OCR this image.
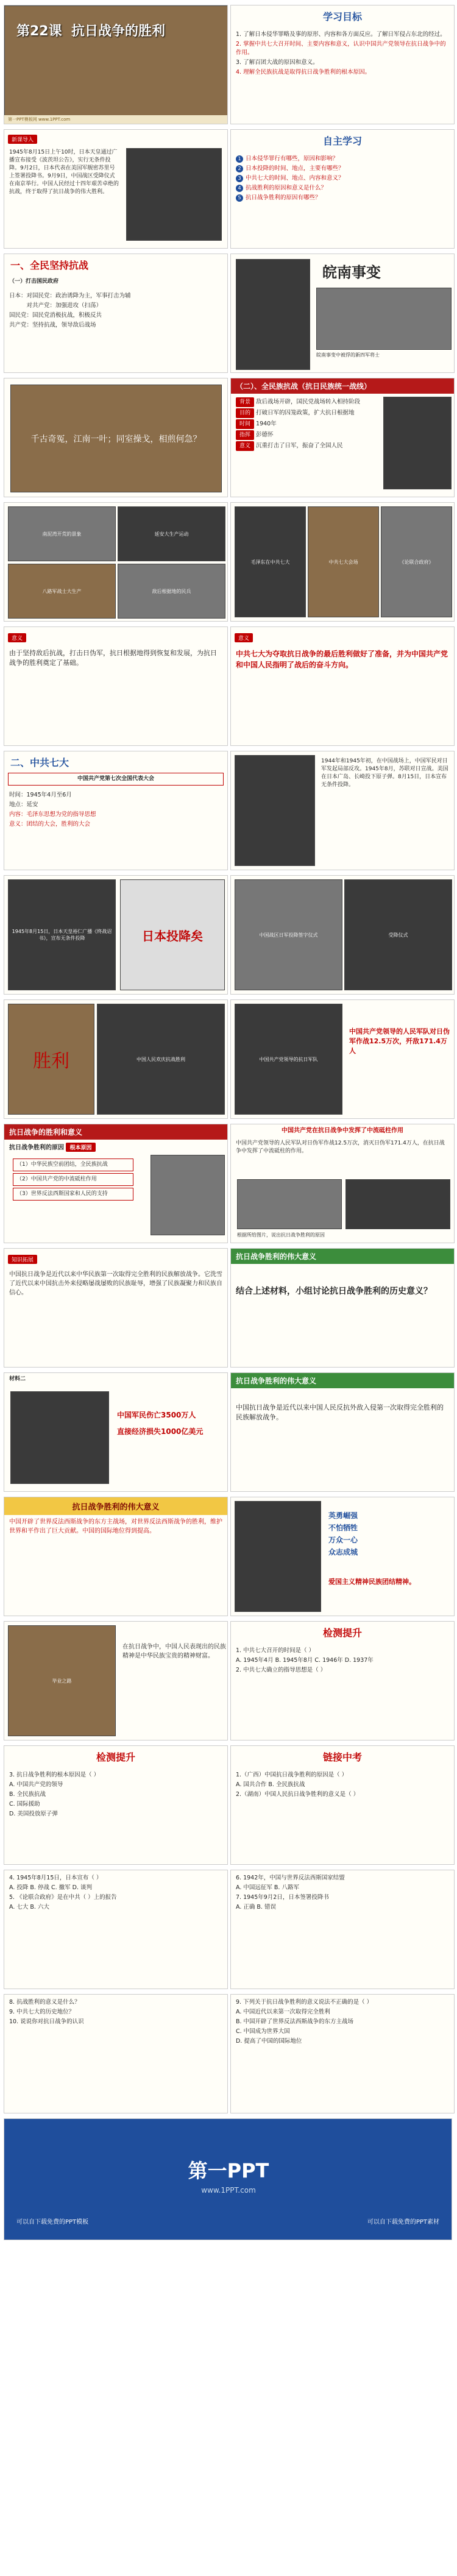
第22课 抗日战争的胜利
第一PPT模板网 www.1PPT.com
学习目标
1. 了解日本侵华罪略及事的原形、内容和各方面反应。了解日军侵占东北的经过。
2. 掌握中共七大召开时间、主要内容和意义，认识中国共产党领导在抗日战争中的作用。
3. 了解百团大战的原因和意义。
4. 理解全民族抗战是取得抗日战争胜利的根本原因。
新课导入
1945年8月15日上午10时，日本天皇通过广播宣布接受《波茨坦公告》，实行无条件投降。9月2日，日本代表在美国军舰密苏里号上签署投降书。9月9日，中国战区受降仪式在南京举行。中国人民经过十四年艰苦卓绝的抗战，终于取得了抗日战争的伟大胜利。
自主学习
1 日本侵华罪行有哪些，原因和影响？
2 日本投降的时间、地点，主要有哪些？
3 中共七大的时间、地点、内容和意义？
4 抗战胜利的原因和意义是什么？
5 抗日战争胜利的原因有哪些？
一、全民坚持抗战
（一）打击国民政府
日本：对国民党：政治诱降为主，军事打击为辅
　　　对共产党：加强进攻（扫荡）
国民党：国民党消极抗战，积极反共
共产党：坚持抗战，领导敌后战场
皖南事变
皖南事变中被俘的新四军将士
千古奇冤，江南一叶；同室操戈，相煎何急？
（二）、全民族抗战（抗日民族统一战线）
背景 敌后战场开辟，国民党战场转入相持阶段
目的 打破日军的囚笼政策，扩大抗日根据地
时间 1940年
指挥 彭德怀
意义 沉重打击了日军，振奋了全国人民
南泥湾开荒的景象	延安大生产运动
八路军战士大生产	敌后根据地的民兵
毛泽东在中共七大	中共七大会场	《论联合政府》
意义
由于坚持敌后抗战，打击日伪军，抗日根据地得到恢复和发展，为抗日战争的胜利奠定了基础。
意义
中共七大为夺取抗日战争的最后胜利做好了准备，并为中国共产党和中国人民指明了战后的奋斗方向。
二、中共七大
中国共产党第七次全国代表大会
时间：1945年4月至6月
地点：延安
内容：毛泽东思想为党的指导思想
意义：团结的大会，胜利的大会
1944年和1945年初，在中国战场上，中国军民对日军发起局部反攻。1945年8月，苏联对日宣战。美国在日本广岛、长崎投下原子弹。8月15日，日本宣布无条件投降。
1945年8月15日，日本天皇裕仁广播《终战诏书》，宣布无条件投降	日本投降矣	中国战区日军投降签字仪式	受降仪式
胜利	中国人民欢庆抗战胜利	中国共产党领导的抗日军队
中国共产党领导的人民军队对日伪军作战12.5万次，歼敌171.4万人
抗日战争的胜利和意义
抗日战争胜利的原因 根本原因
（1）中华民族空前团结，全民族抗战
（2）中国共产党的中流砥柱作用
（3）世界反法西斯国家和人民的支持
中国共产党在抗日战争中发挥了中流砥柱作用
中国共产党领导的人民军队对日伪军作战12.5万次，消灭日伪军171.4万人，在抗日战争中发挥了中流砥柱的作用。
根据所给图片，说出抗日战争胜利的原因
知识拓展
中国抗日战争是近代以来中华民族第一次取得完全胜利的民族解放战争。它洗雪了近代以来中国抗击外来侵略屡战屡败的民族耻辱，增强了民族凝聚力和民族自信心。
抗日战争胜利的伟大意义
结合上述材料，小组讨论抗日战争胜利的历史意义？
材料二
中国军民伤亡3500万人
直接经济损失1000亿美元
抗日战争胜利的伟大意义
中国抗日战争是近代以来中国人民反抗外敌入侵第一次取得完全胜利的民族解放战争。
抗日战争胜利的伟大意义
中国开辟了世界反法西斯战争的东方主战场，对世界反法西斯战争的胜利，维护世界和平作出了巨大贡献。中国的国际地位得到提高。
英勇崛强
不怕牺牲
万众一心
众志成城
爱国主义精神民族团结精神。
毕业之路
在抗日战争中，中国人民表现出的民族精神是中华民族宝贵的精神财富。
检测提升
1. 中共七大召开的时间是（ ）
A. 1945年4月 B. 1945年8月 C. 1946年 D. 1937年
2. 中共七大确立的指导思想是（ ）
检测提升
3. 抗日战争胜利的根本原因是（ ）
A. 中国共产党的领导
B. 全民族抗战
C. 国际援助
D. 美国投放原子弹
链接中考
1.（广西）中国抗日战争胜利的原因是（ ）
A. 国共合作 B. 全民族抗战
2.（湖南）中国人民抗日战争胜利的意义是（ ）
4. 1945年8月15日，日本宣布（ ）
A. 投降 B. 停战 C. 撤军 D. 谈判
5. 《论联合政府》是在中共（ ）上的报告
A. 七大 B. 六大
6. 1942年，中国与世界反法西斯国家结盟
A. 中国远征军 B. 八路军
7. 1945年9月2日，日本签署投降书
A. 正确 B. 错误
8. 抗战胜利的意义是什么？
9. 中共七大的历史地位？
10. 说说你对抗日战争的认识
9. 下列关于抗日战争胜利的意义说法不正确的是（ ）
A. 中国近代以来第一次取得完全胜利
B. 中国开辟了世界反法西斯战争的东方主战场
C. 中国成为世界大国
D. 提高了中国的国际地位
第一PPT
www.1PPT.com
可以自下载免费的PPT模板	可以自下载免费的PPT素材
